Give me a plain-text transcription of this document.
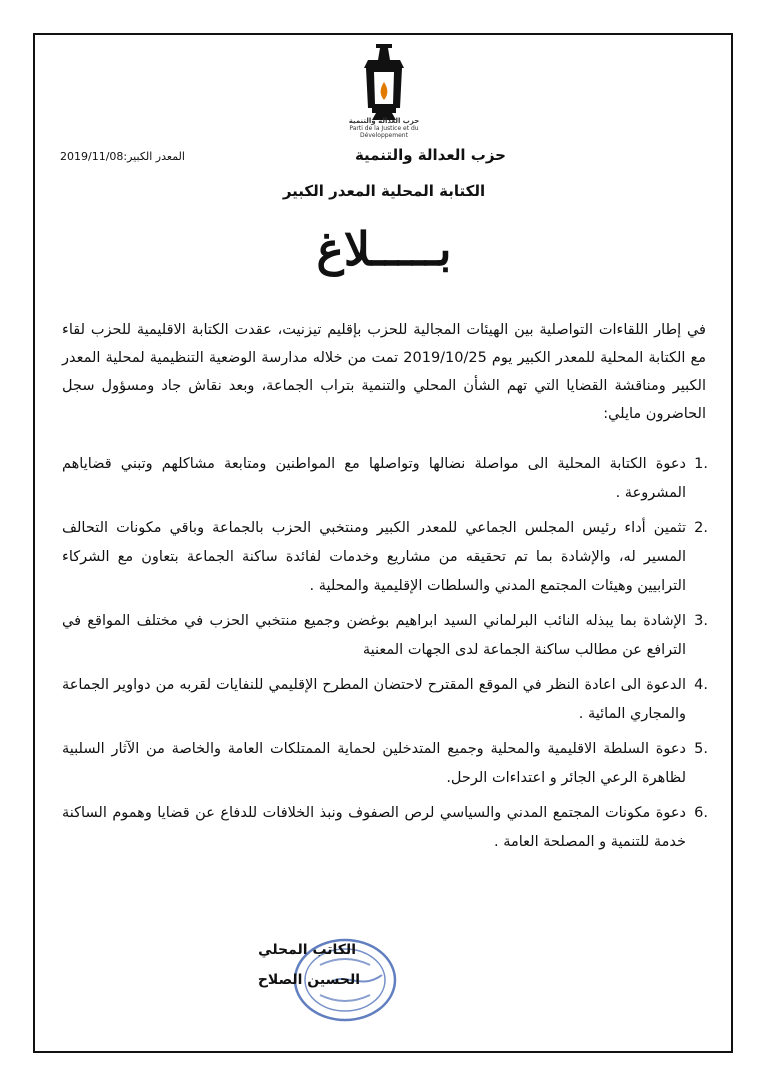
حزب العدالة والتنمية
Parti de la Justice et du Développement
المعدر الكبير:2019/11/08	حزب العدالة والتنمية
الكتابة المحلية المعدر الكبير
بـــــلاغ
في إطار اللقاءات التواصلية بين الهيئات المجالية للحزب بإقليم تيزنيت، عقدت الكتابة الاقليمية للحزب لقاء مع الكتابة المحلية للمعدر الكبير يوم 2019/10/25 تمت من خلاله مدارسة الوضعية التنظيمية لمحلية المعدر الكبير ومناقشة القضايا التي تهم الشأن المحلي والتنمية بتراب الجماعة، وبعد نقاش جاد ومسؤول سجل الحاضرون مايلي:
1.
دعوة الكتابة المحلية الى مواصلة نضالها وتواصلها مع المواطنين ومتابعة مشاكلهم وتبني قضاياهم المشروعة .
2.
تثمين أداء رئيس المجلس الجماعي للمعدر الكبير ومنتخبي الحزب بالجماعة وباقي مكونات التحالف المسير له، والإشادة بما تم تحقيقه من مشاريع وخدمات لفائدة ساكنة الجماعة بتعاون مع الشركاء الترابيين وهيئات المجتمع المدني والسلطات الإقليمية والمحلية .
3.
الإشادة بما يبذله النائب البرلماني السيد ابراهيم بوغضن وجميع منتخبي الحزب في مختلف المواقع في الترافع عن مطالب ساكنة الجماعة لدى الجهات المعنية
4.
الدعوة الى اعادة النظر في الموقع المقترح لاحتضان المطرح الإقليمي للنفايات لقربه من دواوير الجماعة والمجاري المائية .
5.
دعوة السلطة الاقليمية والمحلية وجميع المتدخلين لحماية الممتلكات العامة والخاصة من الآثار السلبية لظاهرة الرعي الجائر و اعتداءات الرحل.
6.
دعوة مكونات المجتمع المدني والسياسي لرص الصفوف ونبذ الخلافات للدفاع عن قضايا وهموم الساكنة خدمة للتنمية و المصلحة العامة .
الكاتب المحلي
الحسين الصلاح
